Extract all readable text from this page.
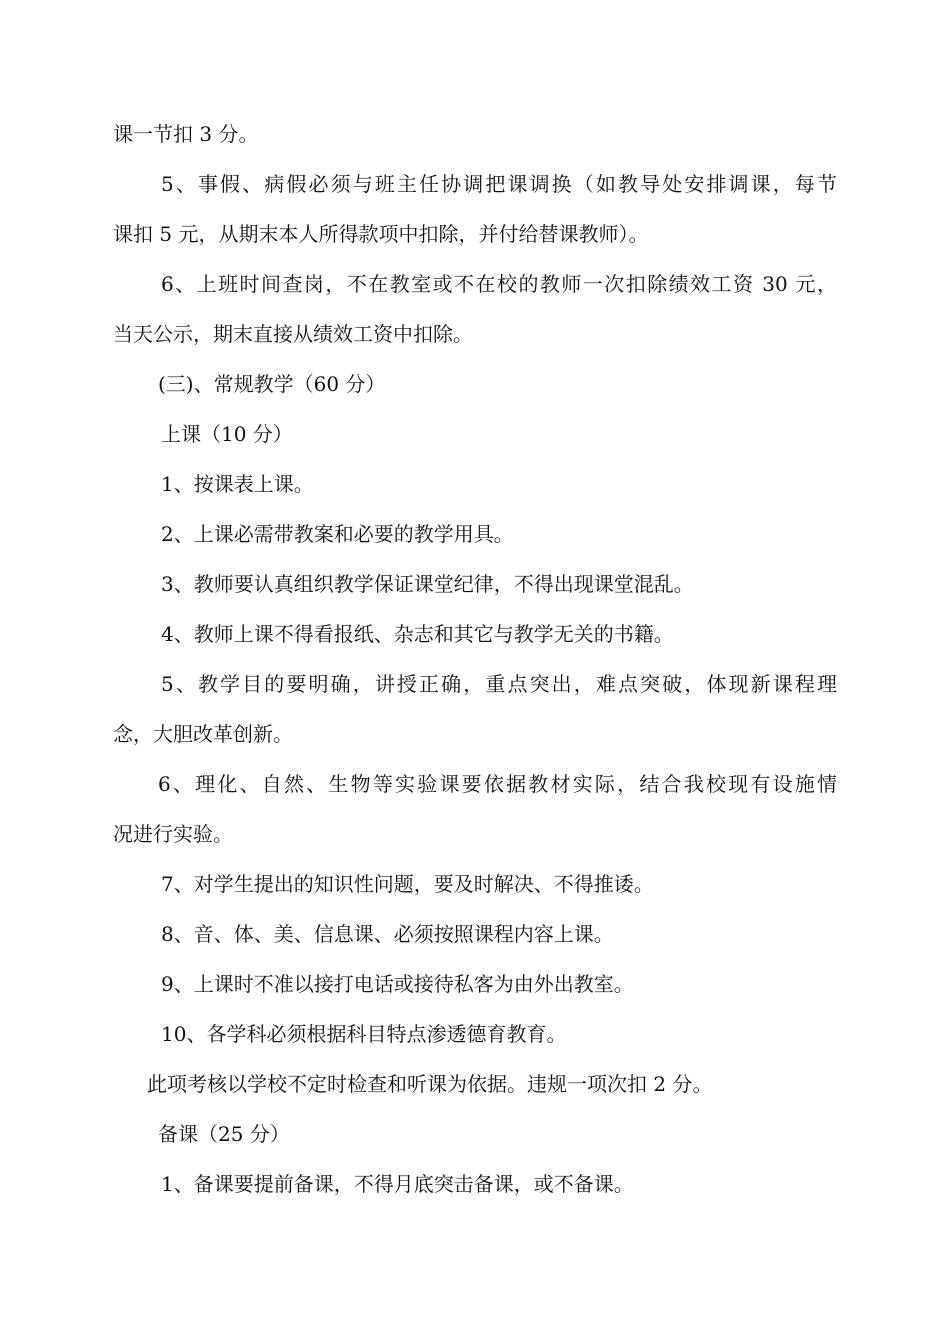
课一节扣 3 分。

5、事假、病假必须与班主任协调把课调换（如教导处安排调课，每节

课扣 5 元，从期末本人所得款项中扣除，并付给替课教师）。

6、上班时间查岗，不在教室或不在校的教师一次扣除绩效工资 30 元，

当天公示，期末直接从绩效工资中扣除。

(三)、常规教学（60 分）

上课（10 分）

1、按课表上课。

2、上课必需带教案和必要的教学用具。

3、教师要认真组织教学保证课堂纪律，不得出现课堂混乱。

4、教师上课不得看报纸、杂志和其它与教学无关的书籍。

5、教学目的要明确，讲授正确，重点突出，难点突破，体现新课程理

念，大胆改革创新。

6、理化、自然、生物等实验课要依据教材实际，结合我校现有设施情

况进行实验。

7、对学生提出的知识性问题，要及时解决、不得推诿。

8、音、体、美、信息课、必须按照课程内容上课。

9、上课时不准以接打电话或接待私客为由外出教室。

10、各学科必须根据科目特点渗透德育教育。

此项考核以学校不定时检查和听课为依据。违规一项次扣 2 分。

备课（25 分）

1、备课要提前备课，不得月底突击备课，或不备课。
